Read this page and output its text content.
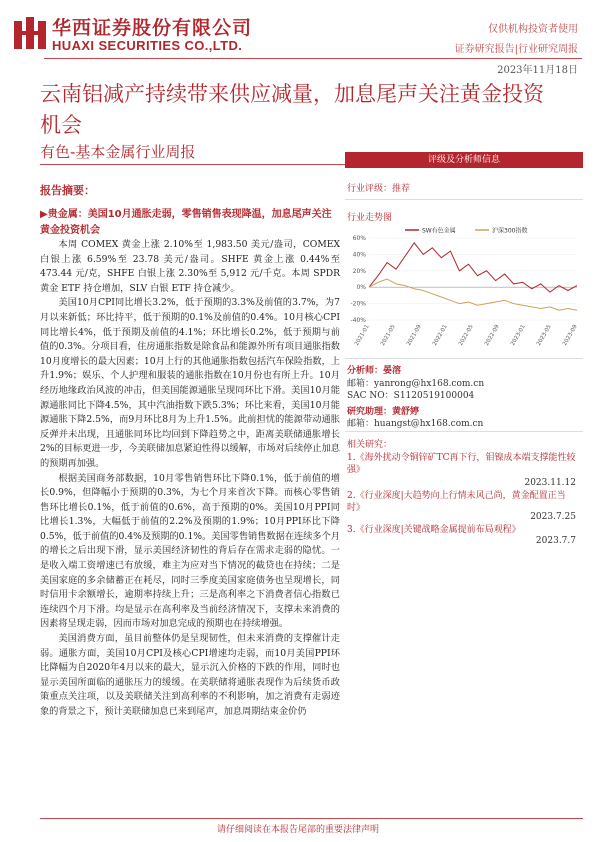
华西证券股份有限公司
HUAXI SECURITIES CO.,LTD.
仅供机构投资者使用
证券研究报告|行业研究周报
2023年11月18日
云南铝减产持续带来供应减量，加息尾声关注黄金投资机会
有色-基本金属行业周报
报告摘要：
▶贵金属：美国10月通胀走弱，零售销售表现降温，加息尾声关注黄金投资机会

本周 COMEX 黄金上涨 2.10%至 1,983.50 美元/盎司，COMEX 白银上涨 6.59%至 23.78 美元/盎司。SHFE 黄金上涨 0.44%至 473.44 元/克，SHFE 白银上涨 2.30%至 5,912 元/千克。本周 SPDR 黄金 ETF 持仓增加，SLV 白银 ETF 持仓减少。

美国10月CPI同比增长3.2%，低于预期的3.3%及前值的3.7%，为7月以来新低；环比持平，低于预期的0.1%及前值的0.4%。10月核心CPI同比增长4%，低于预期及前值的4.1%；环比增长0.2%，低于预期与前值的0.3%。分项目看，住房通胀指数是除食品和能源外所有项目通胀指数10月度增长的最大因素；10月上行的其他通胀指数包括汽车保险指数，上升1.9%；娱乐、个人护理和服装的通胀指数在10月份也有所上升。10月经历地缘政治风波的冲击，但美国能源通胀呈现同环比下滑。美国10月能源通胀同比下降4.5%，其中汽油指数下跌5.3%；环比来看，美国10月能源通胀下降2.5%，而9月环比8月为上升1.5%。此前担忧的能源带动通胀反弹并未出现，且通胀同环比均回到下降趋势之中，距离美联储通胀增长2%的目标更进一步，今美联储加息紧迫性得以缓解，市场对后续停止加息的预期再加强。

根据美国商务部数据，10月零售销售环比下降0.1%，低于前值的增长0.9%，但降幅小于预期的0.3%，为七个月来首次下降。而核心零售销售环比增长0.1%，低于前值的0.6%，高于预期的0%。美国10月PPI同比增长1.3%，大幅低于前值的2.2%及预期的1.9%；10月PPI环比下降0.5%，低于前值的0.4%及预期的0.1%。美国零售销售数据在连续多个月的增长之后出现下滑，显示美国经济韧性的背后存在需求走弱的隐忧。一是收入端工资增速已有放缓，难主为应对当下情况的截贷也在持续；二是美国家庭的多余储蓄正在耗尽，同时三季度美国家庭债务也呈现增长，同时信用卡余额增长，逾期率持续上升；三是高利率之下消费者信心指数已连续四个月下滑。均是显示在高利率及当前经济情况下，支撑未来消费的因素将呈现走弱，因而市场对加息完成的预期也在持续增强。

美国消费方面，虽目前整体仍是呈现韧性，但未来消费的支撑催计走弱。通胀方面，美国10月CPI及核心CPI增速均走弱，而10月美国PPI环比降幅为自2020年4月以来的最大，显示沉入价格的下跌的作用，同时也显示美国所面临的通胀压力的缓缓。在美联储将通胀表现作为后续货币政策重点关注项，以及美联储关注到高利率的不利影响，加之消费有走弱迹象的背景之下，预计美联储加息已来到尾声，加息周期结束金价仍

评级及分析师信息
行业评级：推荐
行业走势图
SW有色金属	沪深300指数
60%
40%
20%
0%
-20%
-40%
2021-01 2021-05 2021-09 2022-01 2022-05 2022-09 2023-01 2023-05 2023-09
分析师：晏溶
邮箱：yanrong@hx168.com.cn
SAC NO：S1120519100004
研究助理：黄舒婷
邮箱：huangst@hx168.com.cn
相关研究：
1.《海外扰动令铜锌矿TC再下行，钼镍成本端支撑能性较强》
2023.11.12
2.《行业深度|大趋势向上行情未风己尚，黄金配置正当时》
2023.7.25
3.《行业深度|关键战略金属提前布局观程》
2023.7.7
请仔细阅读在本报告尾部的重要法律声明
